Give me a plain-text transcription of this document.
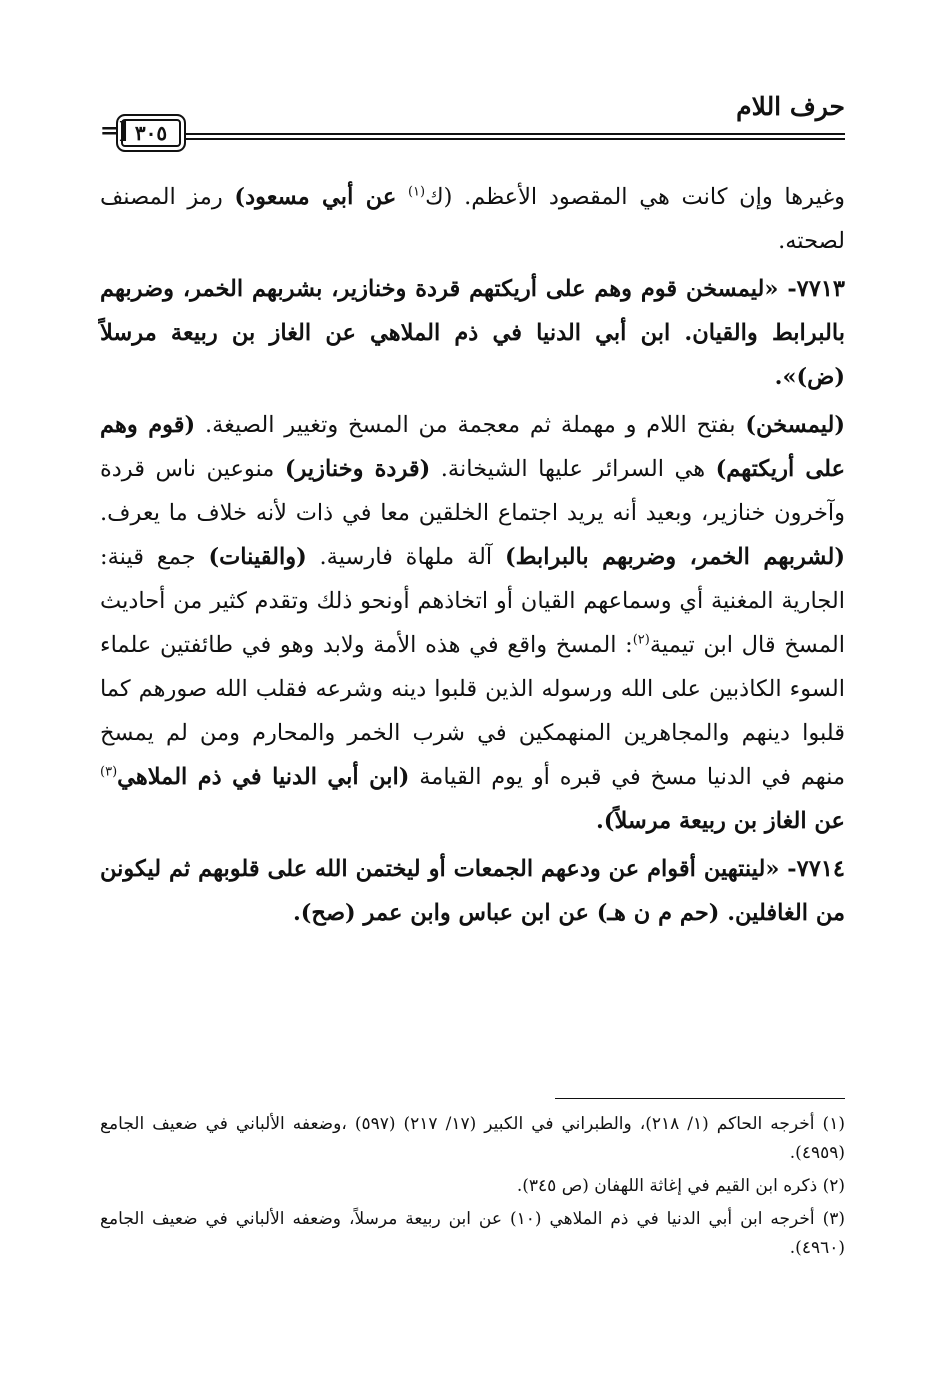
حرف اللام
٣٠٥
=]

وغيرها وإن كانت هي المقصود الأعظم. (ك$^{(١)}$ عن أبي مسعود) رمز المصنف لصحته.

٧٧١٣- «ليمسخن قوم وهم على أريكتهم قردة وخنازير، بشربهم الخمر، وضربهم بالبرابط والقيان. ابن أبي الدنيا في ذم الملاهي عن الغاز بن ربيعة مرسلاً (ض)».

(ليمسخن) بفتح اللام و مهملة ثم معجمة من المسخ وتغيير الصيغة. (قوم وهم على أريكتهم) هي السرائر عليها الشيخانة. (قردة وخنازير) منوعين ناس قردة وآخرون خنازير، وبعيد أنه يريد اجتماع الخلقين معا في ذات لأنه خلاف ما يعرف. (لشربهم الخمر، وضربهم بالبرابط) آلة ملهاة فارسية. (والقينات) جمع قينة: الجارية المغنية أي وسماعهم القيان أو اتخاذهم أونحو ذلك وتقدم كثير من أحاديث المسخ قال ابن تيمية$^{(٢)}$: المسخ واقع في هذه الأمة ولابد وهو في طائفتين علماء السوء الكاذبين على الله ورسوله الذين قلبوا دينه وشرعه فقلب الله صورهم كما قلبوا دينهم والمجاهرين المنهمكين في شرب الخمر والمحارم ومن لم يمسخ منهم في الدنيا مسخ في قبره أو يوم القيامة (ابن أبي الدنيا في ذم الملاهي$^{(٣)}$ عن الغاز بن ربيعة مرسلاً).

٧٧١٤- «لينتهين أقوام عن ودعهم الجمعات أو ليختمن الله على قلوبهم ثم ليكونن من الغافلين. (حم م ن هـ) عن ابن عباس وابن عمر (صح).

(١) أخرجه الحاكم (١/ ٢١٨)، والطبراني في الكبير (١٧/ ٢١٧) (٥٩٧) ،وضعفه الألباني في ضعيف الجامع (٤٩٥٩).

(٢) ذكره ابن القيم في إغاثة اللهفان (ص ٣٤٥).

(٣) أخرجه ابن أبي الدنيا في ذم الملاهي (١٠) عن ابن ربيعة مرسلاً، وضعفه الألباني في ضعيف الجامع (٤٩٦٠).
